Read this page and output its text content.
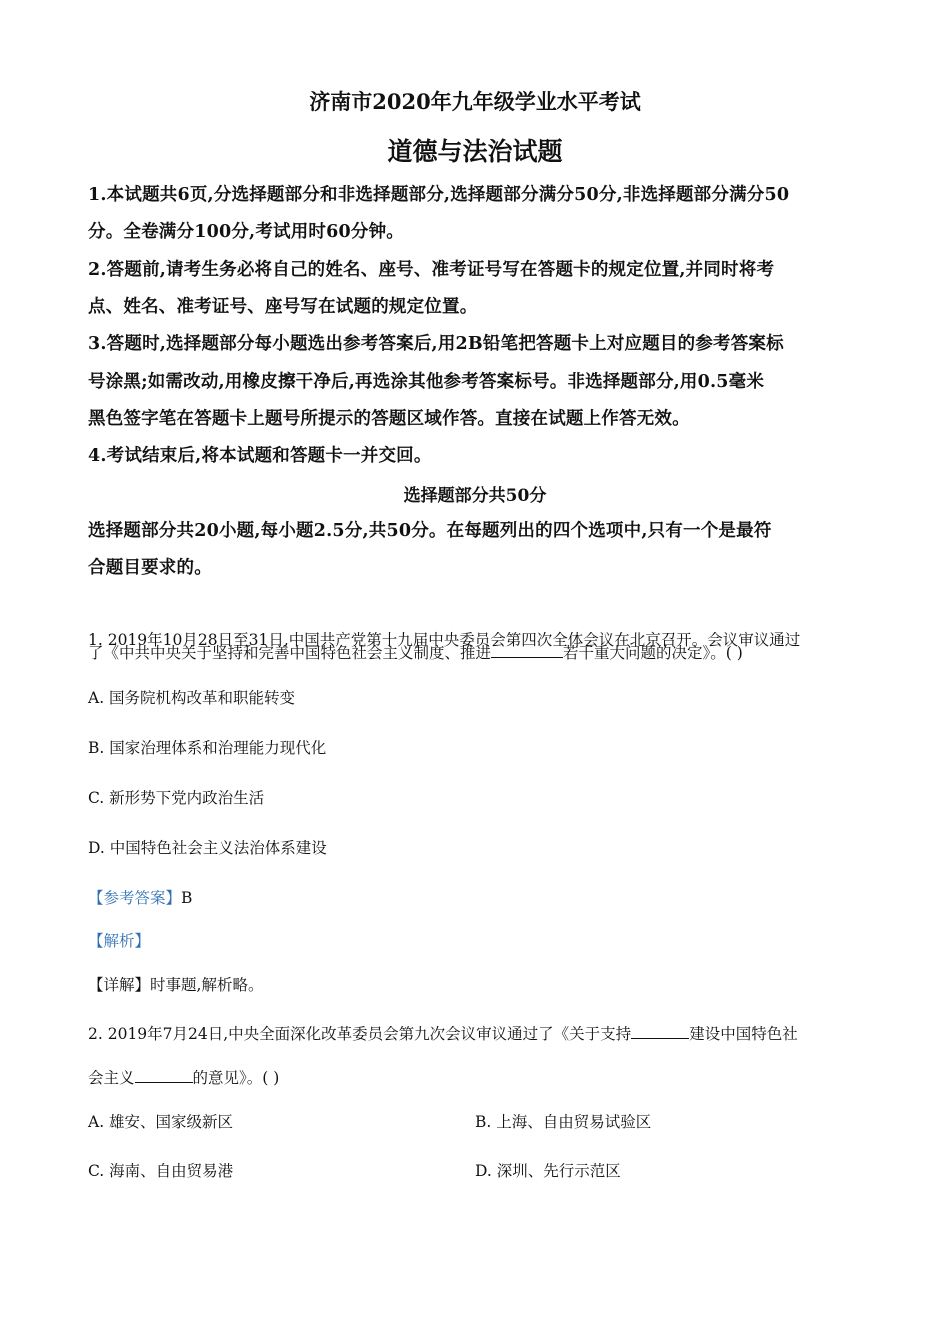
济南市2020年九年级学业水平考试
道德与法治试题
1.本试题共6页,分选择题部分和非选择题部分,选择题部分满分50分,非选择题部分满分50
分。全卷满分100分,考试用时60分钟。
2.答题前,请考生务必将自己的姓名、座号、准考证号写在答题卡的规定位置,并同时将考
点、姓名、准考证号、座号写在试题的规定位置。
3.答题时,选择题部分每小题选出参考答案后,用2B铅笔把答题卡上对应题目的参考答案标
号涂黑;如需改动,用橡皮擦干净后,再选涂其他参考答案标号。非选择题部分,用0.5毫米
黑色签字笔在答题卡上题号所提示的答题区域作答。直接在试题上作答无效。
4.考试结束后,将本试题和答题卡一并交回。
选择题部分共50分
选择题部分共20小题,每小题2.5分,共50分。在每题列出的四个选项中,只有一个是最符
合题目要求的。
1. 2019年10月28日至31日,中国共产党第十九届中央委员会第四次全体会议在北京召开。会议审议通过
了《中共中央关于坚持和完善中国特色社会主义制度、推进	若干重大问题的决定》。( )
A. 国务院机构改革和职能转变
B. 国家治理体系和治理能力现代化
C. 新形势下党内政治生活
D. 中国特色社会主义法治体系建设
【参考答案】B
【解析】
【详解】时事题,解析略。
2. 2019年7月24日,中央全面深化改革委员会第九次会议审议通过了《关于支持	建设中国特色社
会主义	的意见》。( )
A. 雄安、国家级新区	B. 上海、自由贸易试验区
C. 海南、自由贸易港	D. 深圳、先行示范区
